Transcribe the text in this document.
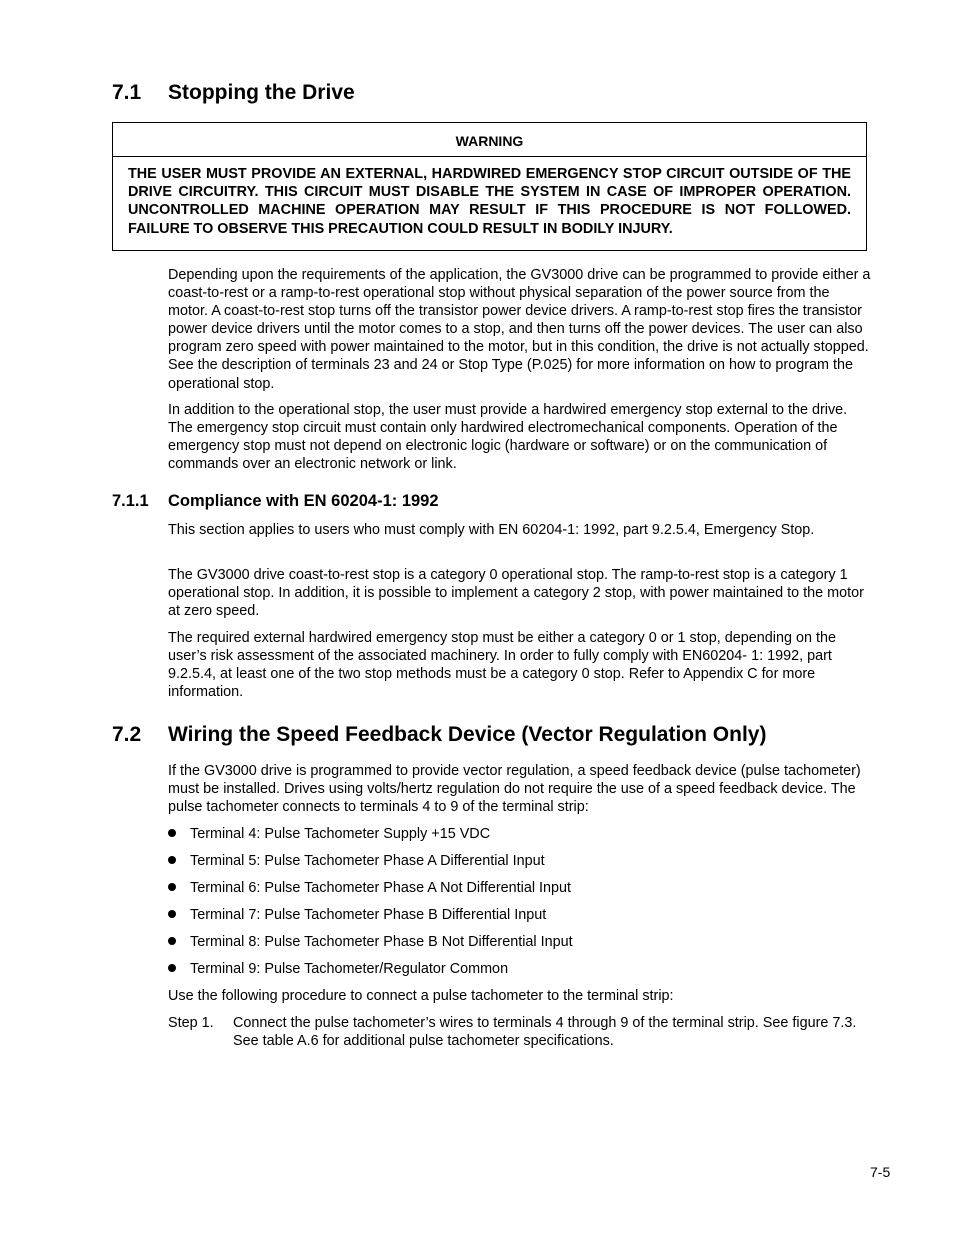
7.1 Stopping the Drive
WARNING
THE USER MUST PROVIDE AN EXTERNAL, HARDWIRED EMERGENCY STOP CIRCUIT OUTSIDE OF THE DRIVE CIRCUITRY. THIS CIRCUIT MUST DISABLE THE SYSTEM IN CASE OF IMPROPER OPERATION. UNCONTROLLED MACHINE OPERATION MAY RESULT IF THIS PROCEDURE IS NOT FOLLOWED. FAILURE TO OBSERVE THIS PRECAUTION COULD RESULT IN BODILY INJURY.
Depending upon the requirements of the application, the GV3000 drive can be programmed to provide either a coast-to-rest or a ramp-to-rest operational stop without physical separation of the power source from the motor. A coast-to-rest stop turns off the transistor power device drivers. A ramp-to-rest stop fires the transistor power device drivers until the motor comes to a stop, and then turns off the power devices. The user can also program zero speed with power maintained to the motor, but in this condition, the drive is not actually stopped. See the description of terminals 23 and 24 or Stop Type (P.025) for more information on how to program the operational stop.
In addition to the operational stop, the user must provide a hardwired emergency stop external to the drive. The emergency stop circuit must contain only hardwired electromechanical components. Operation of the emergency stop must not depend on electronic logic (hardware or software) or on the communication of commands over an electronic network or link.
7.1.1 Compliance with EN 60204-1: 1992
This section applies to users who must comply with EN 60204-1: 1992, part 9.2.5.4, Emergency Stop.
The GV3000 drive coast-to-rest stop is a category 0 operational stop. The ramp-to-rest stop is a category 1 operational stop. In addition, it is possible to implement a category 2 stop, with power maintained to the motor at zero speed.
The required external hardwired emergency stop must be either a category 0 or 1 stop, depending on the user’s risk assessment of the associated machinery. In order to fully comply with EN60204- 1: 1992, part 9.2.5.4, at least one of the two stop methods must be a category 0 stop. Refer to Appendix C for more information.
7.2 Wiring the Speed Feedback Device (Vector Regulation Only)
If the GV3000 drive is programmed to provide vector regulation, a speed feedback device (pulse tachometer) must be installed. Drives using volts/hertz regulation do not require the use of a speed feedback device. The pulse tachometer connects to terminals 4 to 9 of the terminal strip:
Terminal 4: Pulse Tachometer Supply +15 VDC
Terminal 5: Pulse Tachometer Phase A Differential Input
Terminal 6: Pulse Tachometer Phase A Not Differential Input
Terminal 7: Pulse Tachometer Phase B Differential Input
Terminal 8: Pulse Tachometer Phase B Not Differential Input
Terminal 9: Pulse Tachometer/Regulator Common
Use the following procedure to connect a pulse tachometer to the terminal strip:
Step 1. Connect the pulse tachometer’s wires to terminals 4 through 9 of the terminal strip. See figure 7.3. See table A.6 for additional pulse tachometer specifications.
7-5
